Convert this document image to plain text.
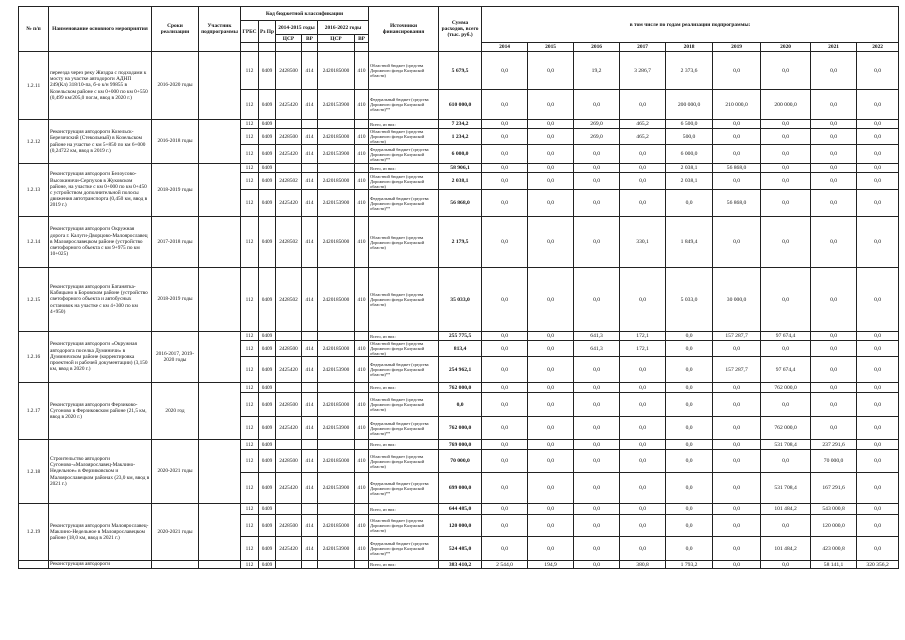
№ п/п	Наименование основного мероприятия	Сроки реализации	Участник подпрограммы	Код бюджетной классификации						Источники финансирования	Сумма расходов, всего (тыс. руб.)	в том числе по годам реализации подпрограммы:								
				ГРБС	Рз Пр	2014-2015 годы		2016-2022 годы												
						ЦСР	ВР	ЦСР	ВР											
												2014	2015	2016	2017	2018	2019	2020	2021	2022
1.2.11	переезда через реку Жиздра с подходами к мосту на участке автодороги АДНП 249(Кл) 318/10-па, б-о к/н 99855 в Козельском районе с км 0+000 по км 0+550 (0,499 км/205,0 пог.м, ввод в 2020 г.)	2016-2020 годы		112	0409	2428500	414	2420185000	410	Областной бюджет (средства Дорожного фонда Калужской области)	5 679,5	0,0	0,0	19,2	3 286,7	2 373,6	0,0	0,0	0,0	0,0
				112	0409	2425420	414	2420153900	410	Федеральный бюджет (средства Дорожного фонда Калужской области)**	610 000,0	0,0	0,0	0,0	0,0	200 000,0	210 000,0	200 000,0	0,0	0,0
1.2.12	Реконструкция автодороги Козельск-Березичский (Стекольный) в Козельском районе на участке с км 5+850 по км 6+000 (0,24722 км, ввод в 2019 г.)	2016-2018 годы		112	0409					Всего, из них:	7 234,2	0,0	0,0	269,0	465,2	6 500,0	0,0	0,0	0,0	0,0
				112	0409	2428500	414	2420185000	410	Областной бюджет (средства Дорожного фонда Калужской области)	1 234,2	0,0	0,0	269,0	465,2	500,0	0,0	0,0	0,0	0,0
				112	0409	2425420	414	2420153900	410	Федеральный бюджет (средства Дорожного фонда Калужской области)**	6 000,0	0,0	0,0	0,0	0,0	6 000,0	0,0	0,0	0,0	0,0
1.2.13	Реконструкция автодороги Белоусово-Высокиничи-Серпухов в Жуковском районе, на участке с км 0+000 по км 0+450 с устройством дополнительной полосы движения автотранспорта (0,450 км, ввод в 2019 г.)	2018-2019 годы		112	0409					Всего, из них:	58 906,1	0,0	0,0	0,0	0,0	2 038,1	56 868,0	0,0	0,0	0,0
				112	0409	2428502	414	2420185000	410	Областной бюджет (средства Дорожного фонда Калужской области)	2 038,1	0,0	0,0	0,0	0,0	2 038,1	0,0	0,0	0,0	0,0
				112	0409	2425420	414	2420153900	410	Федеральный бюджет (средства Дорожного фонда Калужской области)**	56 868,0	0,0	0,0	0,0	0,0	0,0	56 868,0	0,0	0,0	0,0
1.2.14	Реконструкция автодороги Окружная дорога г. Калуги-Дворцово-Малоярославец в Малоярославецком районе (устройство светофорного объекта с км 9+975 по км 10+025)	2017-2018 годы		112	0409	2428502	414	2420185000	410	Областной бюджет (средства Дорожного фонда Калужской области)	2 179,5	0,0	0,0	0,0	330,1	1 849,4	0,0	0,0	0,0	0,0
1.2.15	Реконструкция автодороги Батанятка-Кабицыно в Боровском районе (устройство светофорного объекта и автобусных остановок на участке с км 4+300 по км 4+950)	2018-2019 годы		112	0409	2428502	414	2420185000	410	Областной бюджет (средства Дорожного фонда Калужской области)	35 033,0	0,0	0,0	0,0	0,0	5 033,0	30 000,0	0,0	0,0	0,0
1.2.16	Реконструкция автодороги «Окружная автодорога поселка Думиничи» в Думиничском районе (корректировка проектной и рабочей документации) (3,150 км, ввод в 2020 г.)	2016-2017, 2019-2020 годы		112	0409					Всего, из них:	255 775,5	0,0	0,0	641,3	172,1	0,0	157 287,7	97 674,4	0,0	0,0
				112	0409	2428500	414	2420185000	410	Областной бюджет (средства Дорожного фонда Калужской области)	813,4	0,0	0,0	641,3	172,1	0,0	0,0	0,0	0,0	0,0
				112	0409	2425420	414	2420153900	410	Федеральный бюджет (средства Дорожного фонда Калужской области)**	254 962,1	0,0	0,0	0,0	0,0	0,0	157 287,7	97 674,4	0,0	0,0
1.2.17	Реконструкция автодороги Ферзиково-Сугоново в Ферзиковском районе (21,5 км, ввод в 2020 г.)	2020 год		112	0409					Всего, из них:	762 000,0	0,0	0,0	0,0	0,0	0,0	0,0	762 000,0	0,0	0,0
				112	0409	2428500	414	2420185000	410	Областной бюджет (средства Дорожного фонда Калужской области)	0,0	0,0	0,0	0,0	0,0	0,0	0,0	0,0	0,0	0,0
				112	0409	2425420	414	2420153900	410	Федеральный бюджет (средства Дорожного фонда Калужской области)**	762 000,0	0,0	0,0	0,0	0,0	0,0	0,0	762 000,0	0,0	0,0
1.2.18	Строительство автодороги Сугоново-«Малоярославец-Маклино-Недельное» в Ферзиковском и Малоярославецком районах (23,0 км, ввод в 2021 г.)	2020-2021 годы		112	0409					Всего, из них:	769 000,0	0,0	0,0	0,0	0,0	0,0	0,0	531 708,4	237 291,6	0,0
				112	0409	2428500	414	2420185000	410	Областной бюджет (средства Дорожного фонда Калужской области)	70 000,0	0,0	0,0	0,0	0,0	0,0	0,0	0,0	70 000,0	0,0
				112	0409	2425420	414	2420153900	410	Федеральный бюджет (средства Дорожного фонда Калужской области)**	699 000,0	0,0	0,0	0,0	0,0	0,0	0,0	531 708,4	167 291,6	0,0
1.2.19	Реконструкция автодороги Малоярославец-Маклино-Недельное в Малоярославецком районе (18,0 км, ввод в 2021 г.)	2020-2021 годы		112	0409					Всего, из них:	644 485,0	0,0	0,0	0,0	0,0	0,0	0,0	101 484,2	543 000,8	0,0
				112	0409	2428500	414	2420185000	410	Областной бюджет (средства Дорожного фонда Калужской области)	120 000,0	0,0	0,0	0,0	0,0	0,0	0,0	0,0	120 000,0	0,0
				112	0409	2425420	414	2420153900	410	Федеральный бюджет (средства Дорожного фонда Калужской области)**	524 485,0	0,0	0,0	0,0	0,0	0,0	0,0	101 484,2	423 000,8	0,0
	Реконструкция автодороги			112	0409					Всего, из них:	383 410,2	2 544,0	194,9	0,0	380,8	1 793,2	0,0	0,0	58 141,1	320 356,2
